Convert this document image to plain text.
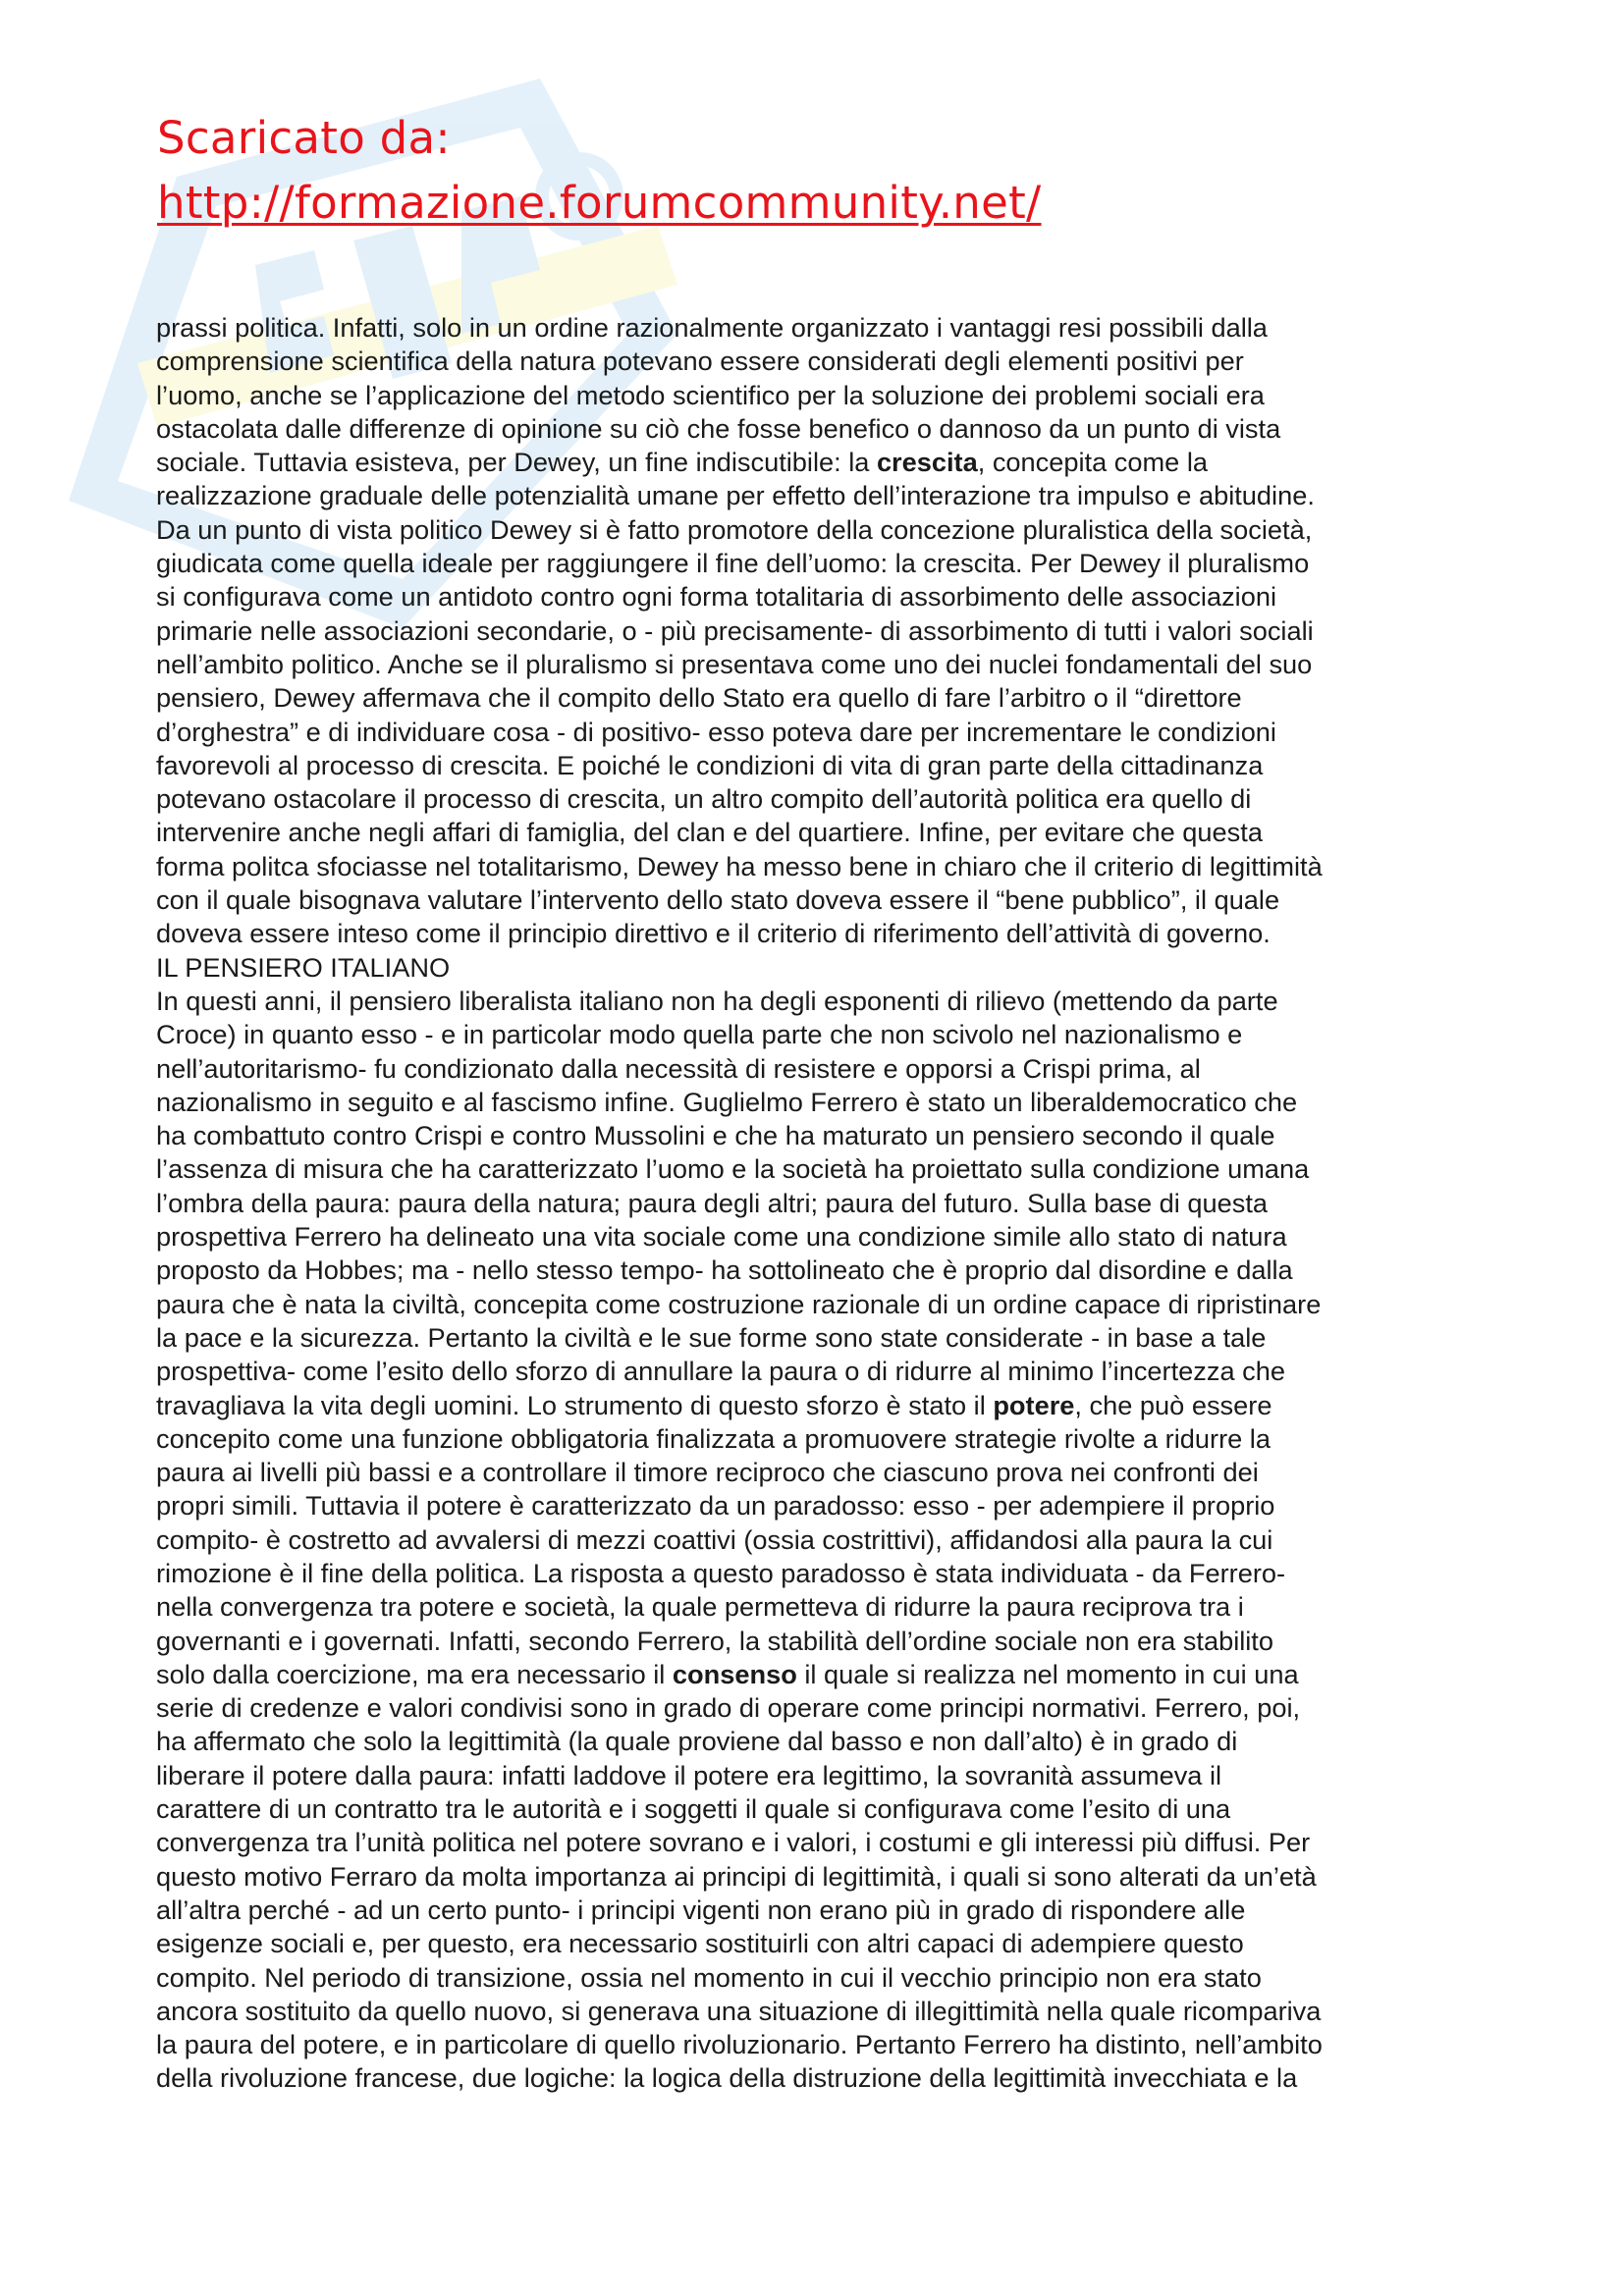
Scaricato da:
http://formazione.forumcommunity.net/
prassi politica. Infatti, solo in un ordine razionalmente organizzato i vantaggi resi possibili dalla
comprensione scientifica della natura potevano essere considerati degli elementi positivi per
l’uomo, anche se l’applicazione del metodo scientifico per la soluzione dei problemi sociali era
ostacolata dalle differenze di opinione su ciò che fosse benefico o dannoso da un punto di vista
sociale. Tuttavia esisteva, per Dewey, un fine indiscutibile: la crescita, concepita come la
realizzazione graduale delle potenzialità umane per effetto dell’interazione tra impulso e abitudine.
Da un punto di vista politico Dewey si è fatto promotore della concezione pluralistica della società,
giudicata come quella ideale per raggiungere il fine dell’uomo: la crescita. Per Dewey il pluralismo
si configurava come un antidoto contro ogni forma totalitaria di assorbimento delle associazioni
primarie nelle associazioni secondarie, o - più precisamente- di assorbimento di tutti i valori sociali
nell’ambito politico. Anche se il pluralismo si presentava come uno dei nuclei fondamentali del suo
pensiero, Dewey affermava che il compito dello Stato era quello di fare l’arbitro o il “direttore
d’orghestra” e di individuare cosa - di positivo- esso poteva dare per incrementare le condizioni
favorevoli al processo di crescita. E poiché le condizioni di vita di gran parte della cittadinanza
potevano ostacolare il processo di crescita, un altro compito dell’autorità politica era quello di
intervenire anche negli affari di famiglia, del clan e del quartiere. Infine, per evitare che questa
forma politca sfociasse nel totalitarismo, Dewey ha messo bene in chiaro che il criterio di legittimità
con il quale bisognava valutare l’intervento dello stato doveva essere il “bene pubblico”, il quale
doveva essere inteso come il principio direttivo e il criterio di riferimento dell’attività di governo.
IL PENSIERO ITALIANO
In questi anni, il pensiero liberalista italiano non ha degli esponenti di rilievo (mettendo da parte
Croce) in quanto esso - e in particolar modo quella parte che non scivolo nel nazionalismo e
nell’autoritarismo- fu condizionato dalla necessità di resistere e opporsi a Crispi prima, al
nazionalismo in seguito e al fascismo infine. Guglielmo Ferrero è stato un liberaldemocratico che
ha combattuto contro Crispi e contro Mussolini e che ha maturato un pensiero secondo il quale
l’assenza di misura che ha caratterizzato l’uomo e la società ha proiettato sulla condizione umana
l’ombra della paura: paura della natura; paura degli altri; paura del futuro. Sulla base di questa
prospettiva Ferrero ha delineato una vita sociale come una condizione simile allo stato di natura
proposto da Hobbes; ma - nello stesso tempo- ha sottolineato che è proprio dal disordine e dalla
paura che è nata la civiltà, concepita come costruzione razionale di un ordine capace di ripristinare
la pace e la sicurezza. Pertanto la civiltà e le sue forme sono state considerate - in base a tale
prospettiva- come l’esito dello sforzo di annullare la paura o di ridurre al minimo l’incertezza che
travagliava la vita degli uomini. Lo strumento di questo sforzo è stato il potere, che può essere
concepito come una funzione obbligatoria finalizzata a promuovere strategie rivolte a ridurre la
paura ai livelli più bassi e a controllare il timore reciproco che ciascuno prova nei confronti dei
propri simili. Tuttavia il potere è caratterizzato da un paradosso: esso - per adempiere il proprio
compito- è costretto ad avvalersi di mezzi coattivi (ossia costrittivi), affidandosi alla paura la cui
rimozione è il fine della politica. La risposta a questo paradosso è stata individuata - da Ferrero-
nella convergenza tra potere e società, la quale permetteva di ridurre la paura reciprova tra i
governanti e i governati. Infatti, secondo Ferrero, la stabilità dell’ordine sociale non era stabilito
solo dalla coercizione, ma era necessario il consenso il quale si realizza nel momento in cui una
serie di credenze e valori condivisi sono in grado di operare come principi normativi. Ferrero, poi,
ha affermato che solo la legittimità (la quale proviene dal basso e non dall’alto) è in grado di
liberare il potere dalla paura: infatti laddove il potere era legittimo, la sovranità assumeva il
carattere di un contratto tra le autorità e i soggetti il quale si configurava come l’esito di una
convergenza tra l’unità politica nel potere sovrano e i valori, i costumi e gli interessi più diffusi. Per
questo motivo Ferraro da molta importanza ai principi di legittimità, i quali si sono alterati da un’età
all’altra perché - ad un certo punto- i principi vigenti non erano più in grado di rispondere alle
esigenze sociali e, per questo, era necessario sostituirli con altri capaci di adempiere questo
compito. Nel periodo di transizione, ossia nel momento in cui il vecchio principio non era stato
ancora sostituito da quello nuovo, si generava una situazione di illegittimità nella quale ricompariva
la paura del potere, e in particolare di quello rivoluzionario. Pertanto Ferrero ha distinto, nell’ambito
della rivoluzione francese, due logiche: la logica della distruzione della legittimità invecchiata e la
